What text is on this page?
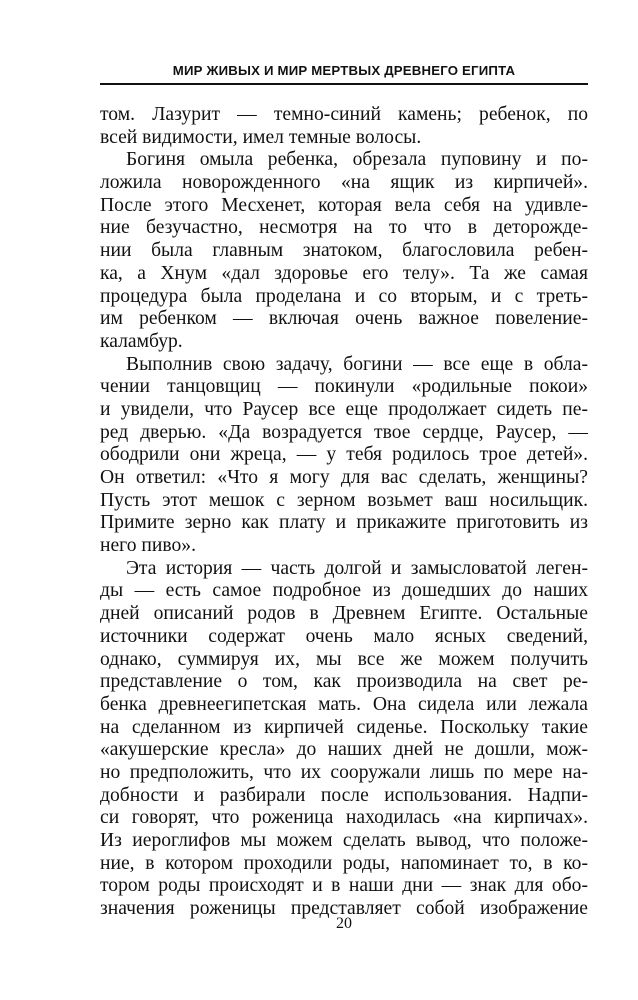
МИР ЖИВЫХ И МИР МЕРТВЫХ ДРЕВНЕГО ЕГИПТА
том. Лазурит — темно-синий камень; ребенок, по
всей видимости, имел темные волосы.
Богиня омыла ребенка, обрезала пуповину и по-
ложила новорожденного «на ящик из кирпичей».
После этого Месхенет, которая вела себя на удивле-
ние безучастно, несмотря на то что в деторожде-
нии была главным знатоком, благословила ребен-
ка, а Хнум «дал здоровье его телу». Та же самая
процедура была проделана и со вторым, и с треть-
им ребенком — включая очень важное повеление-
каламбур.
Выполнив свою задачу, богини — все еще в обла-
чении танцовщиц — покинули «родильные покои»
и увидели, что Раусер все еще продолжает сидеть пе-
ред дверью. «Да возрадуется твое сердце, Раусер, —
ободрили они жреца, — у тебя родилось трое детей».
Он ответил: «Что я могу для вас сделать, женщины?
Пусть этот мешок с зерном возьмет ваш носильщик.
Примите зерно как плату и прикажите приготовить из
него пиво».
Эта история — часть долгой и замысловатой леген-
ды — есть самое подробное из дошедших до наших
дней описаний родов в Древнем Египте. Остальные
источники содержат очень мало ясных сведений,
однако, суммируя их, мы все же можем получить
представление о том, как производила на свет ре-
бенка древнеегипетская мать. Она сидела или лежала
на сделанном из кирпичей сиденье. Поскольку такие
«акушерские кресла» до наших дней не дошли, мож-
но предположить, что их сооружали лишь по мере на-
добности и разбирали после использования. Надпи-
си говорят, что роженица находилась «на кирпичах».
Из иероглифов мы можем сделать вывод, что положе-
ние, в котором проходили роды, напоминает то, в ко-
тором роды происходят и в наши дни — знак для обо-
значения роженицы представляет собой изображение
20
